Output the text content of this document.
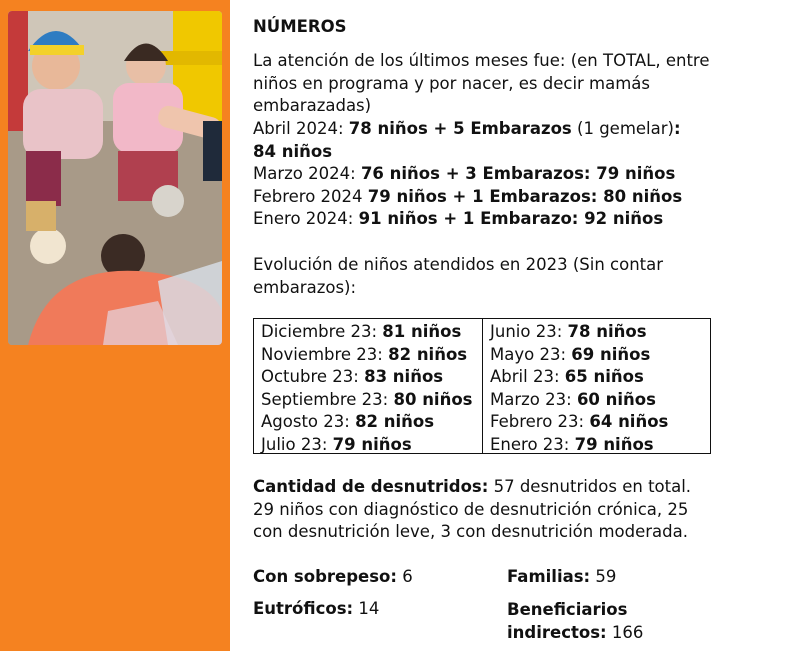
NÚMEROS
La atención de los últimos meses fue: (en TOTAL, entre niños en programa y por nacer, es decir mamás embarazadas)
Abril 2024: 78 niños + 5 Embarazos (1 gemelar):
84 niños
Marzo 2024: 76 niños + 3 Embarazos: 79 niños
Febrero 2024 79 niños + 1 Embarazos: 80 niños
Enero 2024: 91 niños + 1 Embarazo: 92 niños
Evolución de niños atendidos en 2023 (Sin contar embarazos):
Cantidad de desnutridos: 57 desnutridos en total. 29 niños con diagnóstico de desnutrición crónica, 25 con desnutrición leve, 3 con desnutrición moderada.
Con sobrepeso: 6
Eutróficos: 14
Familias: 59
Beneficiarios
indirectos: 166
Diciembre 23: 81 niños
Noviembre 23: 82 niños
Octubre 23: 83 niños
Septiembre 23: 80 niños
Agosto 23: 82 niños
Julio 23: 79 niños
Junio 23: 78 niños
Mayo 23: 69 niños
Abril 23: 65 niños
Marzo 23: 60 niños
Febrero 23: 64 niños
Enero 23: 79 niños
